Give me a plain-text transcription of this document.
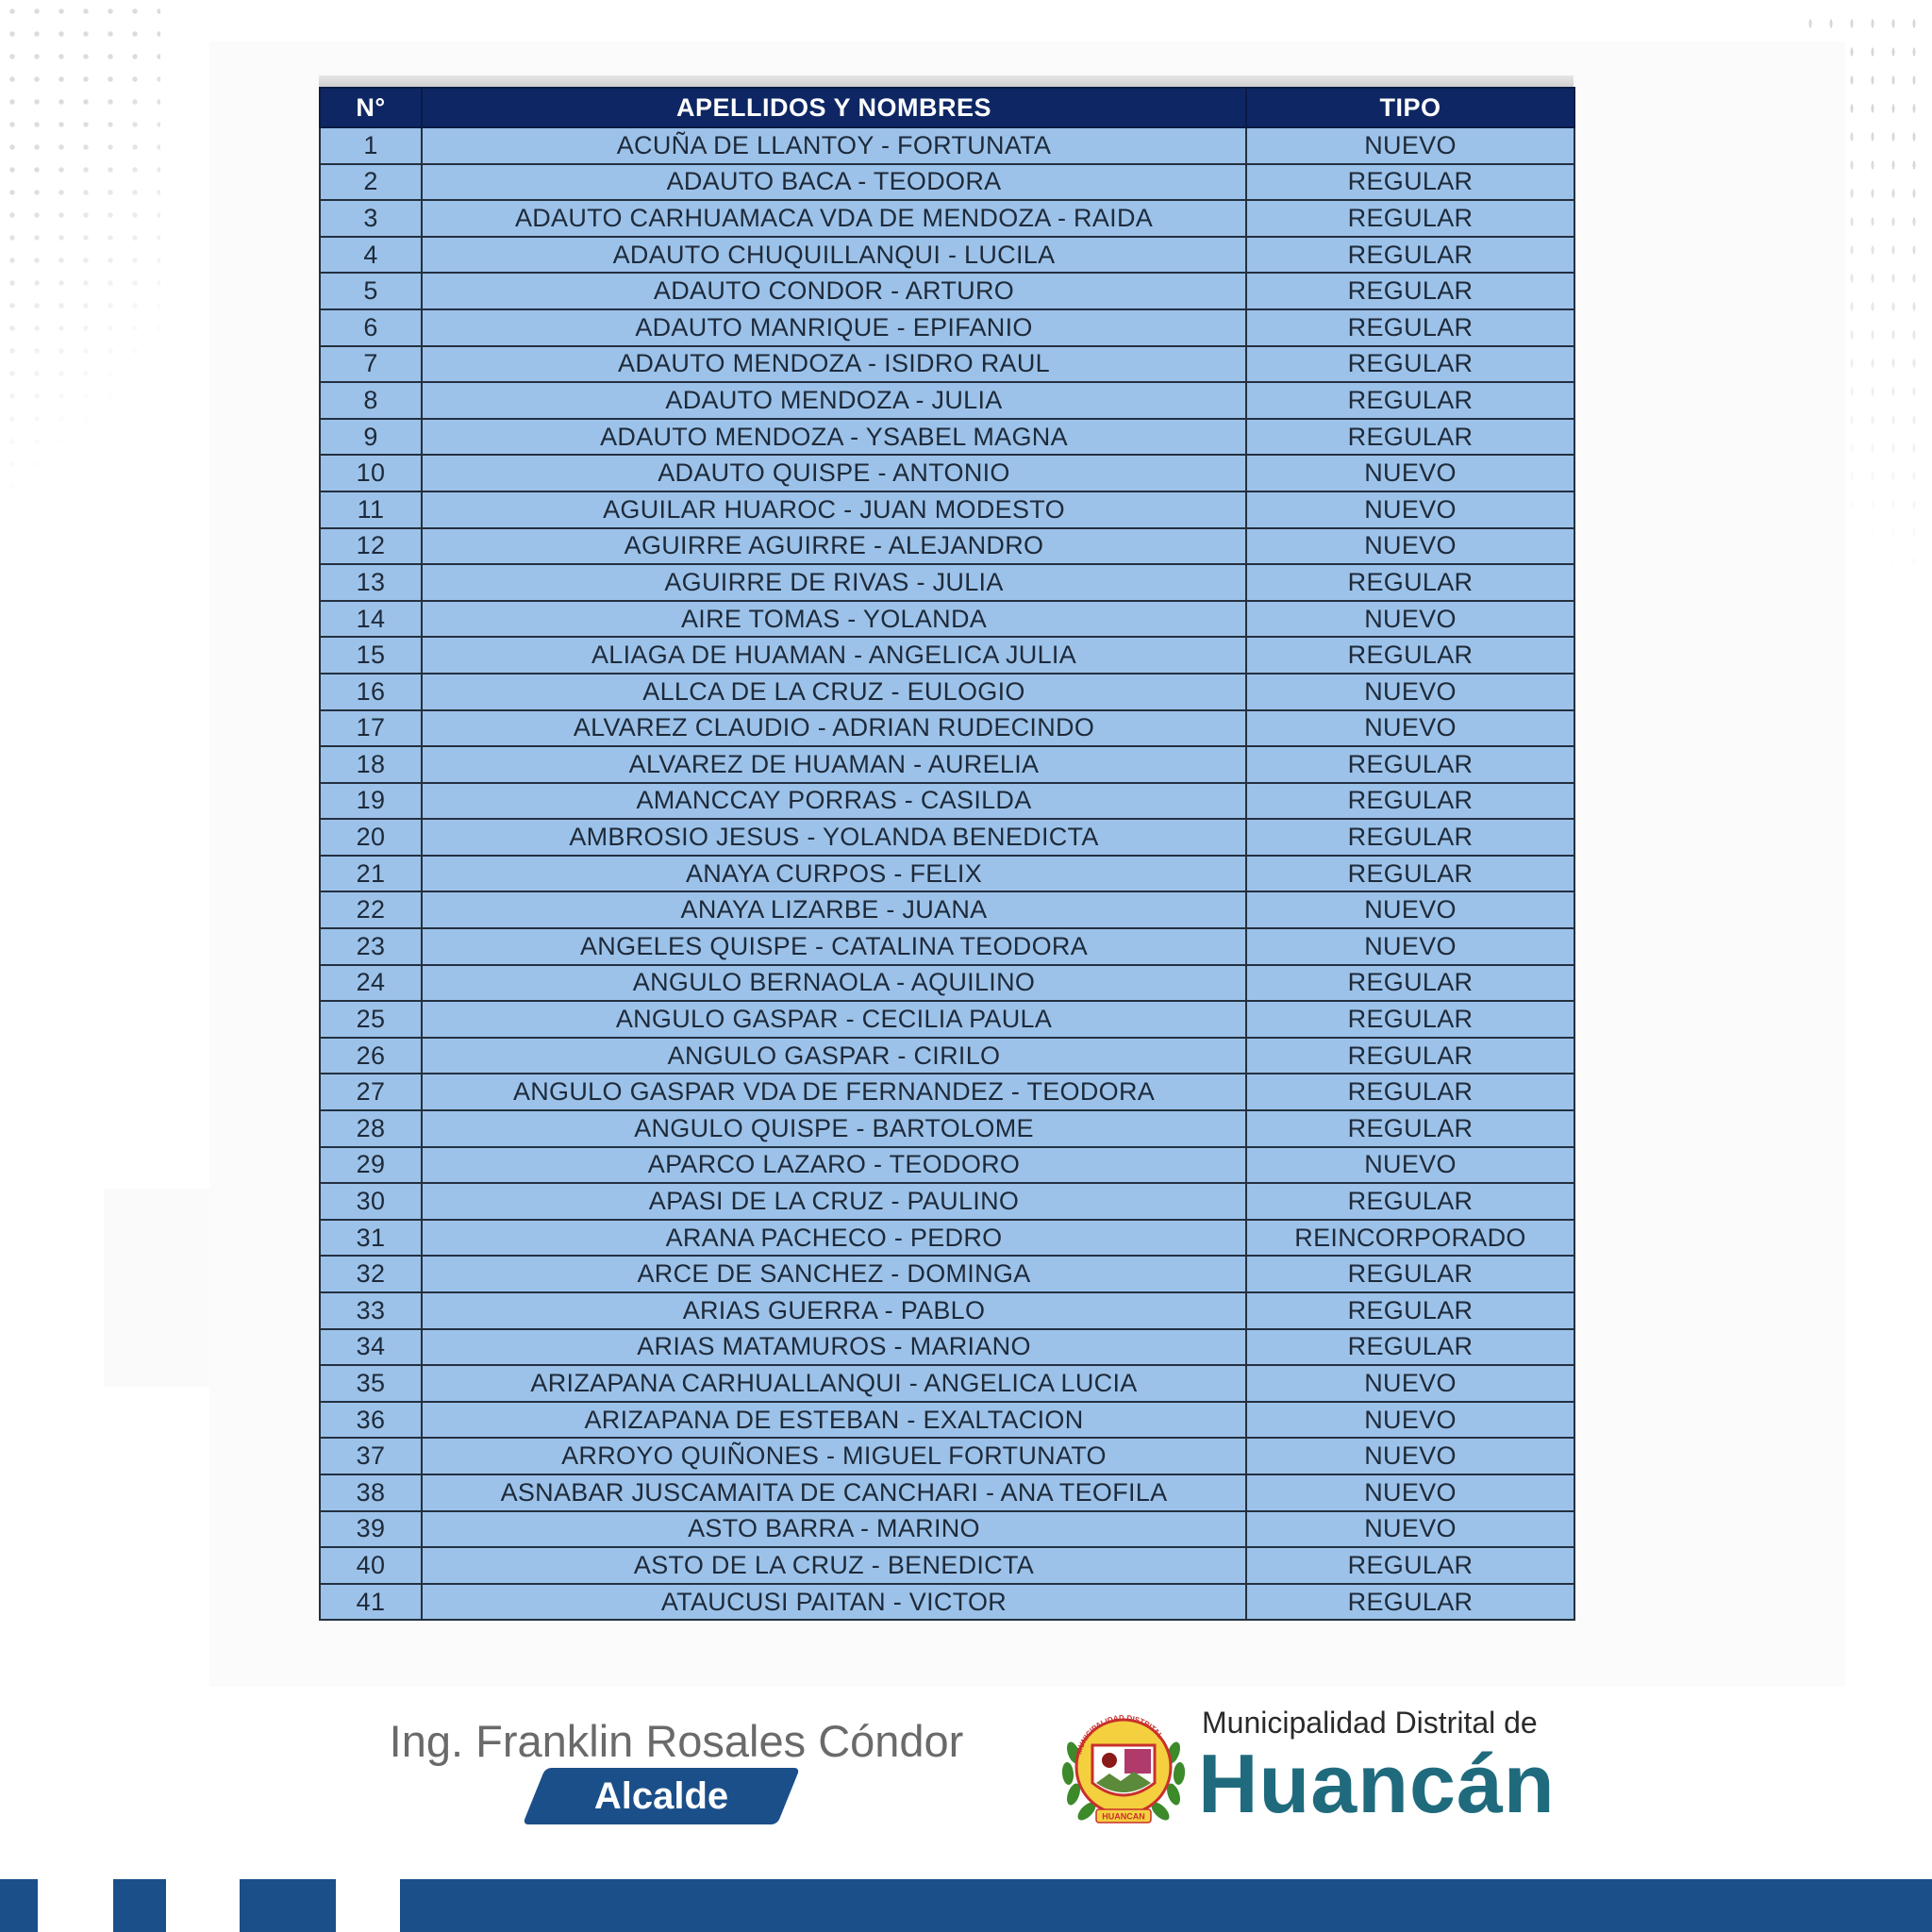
N°	APELLIDOS Y NOMBRES	TIPO
1	ACUÑA DE LLANTOY - FORTUNATA	NUEVO
2	ADAUTO BACA - TEODORA	REGULAR
3	ADAUTO CARHUAMACA VDA DE MENDOZA - RAIDA	REGULAR
4	ADAUTO CHUQUILLANQUI - LUCILA	REGULAR
5	ADAUTO CONDOR - ARTURO	REGULAR
6	ADAUTO MANRIQUE - EPIFANIO	REGULAR
7	ADAUTO MENDOZA - ISIDRO RAUL	REGULAR
8	ADAUTO MENDOZA - JULIA	REGULAR
9	ADAUTO MENDOZA - YSABEL MAGNA	REGULAR
10	ADAUTO QUISPE - ANTONIO	NUEVO
11	AGUILAR HUAROC - JUAN MODESTO	NUEVO
12	AGUIRRE AGUIRRE - ALEJANDRO	NUEVO
13	AGUIRRE DE RIVAS - JULIA	REGULAR
14	AIRE TOMAS - YOLANDA	NUEVO
15	ALIAGA DE HUAMAN - ANGELICA JULIA	REGULAR
16	ALLCA DE LA CRUZ - EULOGIO	NUEVO
17	ALVAREZ CLAUDIO - ADRIAN RUDECINDO	NUEVO
18	ALVAREZ DE HUAMAN - AURELIA	REGULAR
19	AMANCCAY PORRAS - CASILDA	REGULAR
20	AMBROSIO JESUS - YOLANDA BENEDICTA	REGULAR
21	ANAYA CURPOS - FELIX	REGULAR
22	ANAYA LIZARBE - JUANA	NUEVO
23	ANGELES QUISPE - CATALINA TEODORA	NUEVO
24	ANGULO BERNAOLA - AQUILINO	REGULAR
25	ANGULO GASPAR - CECILIA PAULA	REGULAR
26	ANGULO GASPAR - CIRILO	REGULAR
27	ANGULO GASPAR VDA DE FERNANDEZ - TEODORA	REGULAR
28	ANGULO QUISPE - BARTOLOME	REGULAR
29	APARCO LAZARO - TEODORO	NUEVO
30	APASI DE LA CRUZ - PAULINO	REGULAR
31	ARANA PACHECO - PEDRO	REINCORPORADO
32	ARCE DE SANCHEZ - DOMINGA	REGULAR
33	ARIAS GUERRA - PABLO	REGULAR
34	ARIAS MATAMUROS - MARIANO	REGULAR
35	ARIZAPANA CARHUALLANQUI - ANGELICA LUCIA	NUEVO
36	ARIZAPANA DE ESTEBAN - EXALTACION	NUEVO
37	ARROYO QUIÑONES - MIGUEL FORTUNATO	NUEVO
38	ASNABAR JUSCAMAITA DE CANCHARI - ANA TEOFILA	NUEVO
39	ASTO BARRA - MARINO	NUEVO
40	ASTO DE LA CRUZ - BENEDICTA	REGULAR
41	ATAUCUSI PAITAN - VICTOR	REGULAR
Ing. Franklin Rosales Cóndor
Alcalde
MUNICIPALIDAD DISTRITAL
HUANCAN
Municipalidad Distrital de
Huancán
